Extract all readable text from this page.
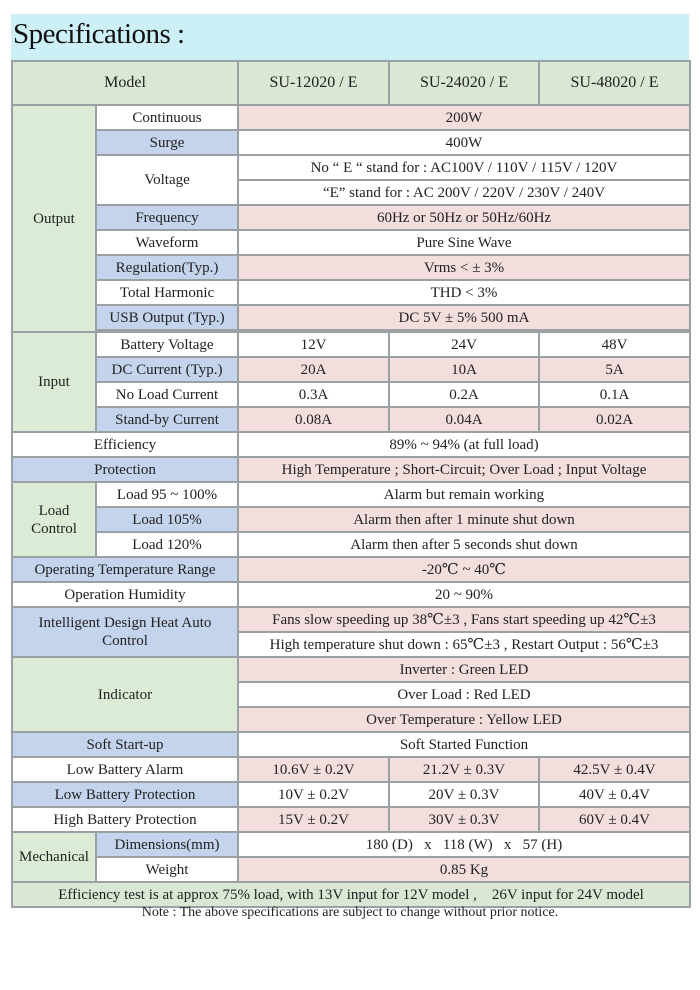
Specifications :
Model		SU-12020 / E	SU-24020 / E	SU-48020 / E
Output	Continuous	200W		
	Surge	400W		
	Voltage	No “ E “ stand for : AC100V / 110V / 115V / 120V		
		“E” stand for : AC 200V / 220V / 230V / 240V		
	Frequency	60Hz or 50Hz or 50Hz/60Hz		
	Waveform	Pure Sine Wave		
	Regulation(Typ.)	Vrms < ± 3%		
	Total Harmonic	THD < 3%		
	USB Output (Typ.)	DC 5V ± 5% 500 mA		

Input	Battery Voltage	12V	24V	48V
	DC Current (Typ.)	20A	10A	5A
	No Load Current	0.3A	0.2A	0.1A
	Stand-by Current	0.08A	0.04A	0.02A
Efficiency		89% ~ 94% (at full load)		
Protection		High Temperature ; Short-Circuit; Over Load ; Input Voltage		
Load
Control	Load 95 ~ 100%	Alarm but remain working		
	Load 105%	Alarm then after 1 minute shut down		
	Load 120%	Alarm then after 5 seconds shut down		
Operating Temperature Range		-20℃ ~ 40℃		
Operation Humidity		20 ~ 90%		
Intelligent Design Heat Auto Control		Fans slow speeding up 38℃±3 , Fans start speeding up 42℃±3		
		High temperature shut down : 65℃±3 , Restart Output : 56℃±3		
Indicator		Inverter : Green LED		
		Over Load : Red LED		
		Over Temperature : Yellow LED		
Soft Start-up		Soft Started Function		
Low Battery Alarm		10.6V ± 0.2V	21.2V ± 0.3V	42.5V ± 0.4V
Low Battery Protection		10V ± 0.2V	20V ± 0.3V	40V ± 0.4V
High Battery Protection		15V ± 0.2V	30V ± 0.3V	60V ± 0.4V
Mechanical	Dimensions(mm)	180 (D)   x   118 (W)   x   57 (H)		
	Weight	0.85 Kg		
Efficiency test is at approx 75% load, with 13V input for 12V model ,    26V input for 24V model				
Note : The above specifications are subject to change without prior notice.
